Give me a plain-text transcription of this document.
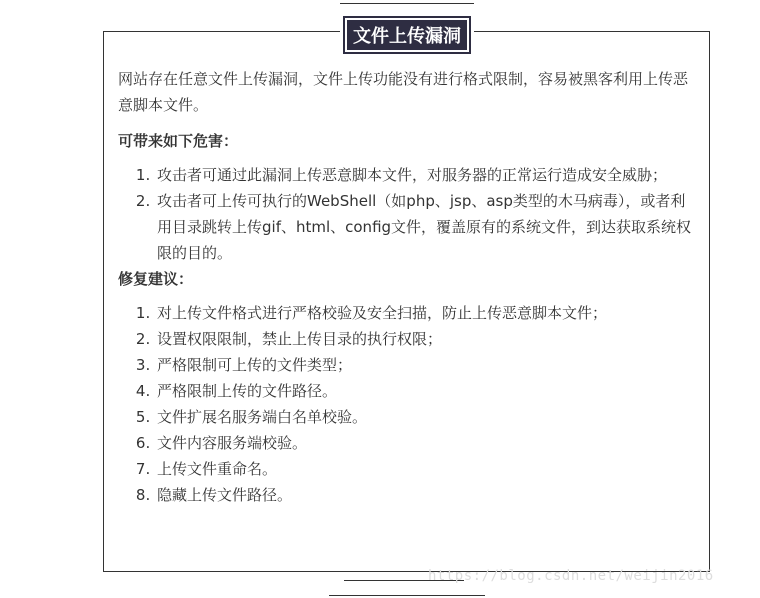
文件上传漏洞

网站存在任意文件上传漏洞，文件上传功能没有进行格式限制，容易被黑客利用上传恶意脚本文件。

可带来如下危害：

1. 攻击者可通过此漏洞上传恶意脚本文件，对服务器的正常运行造成安全威胁；
2. 攻击者可上传可执行的WebShell（如php、jsp、asp类型的木马病毒），或者利用目录跳转上传gif、html、config文件，覆盖原有的系统文件，到达获取系统权限的目的。

修复建议：

1. 对上传文件格式进行严格校验及安全扫描，防止上传恶意脚本文件；
2. 设置权限限制，禁止上传目录的执行权限；
3. 严格限制可上传的文件类型；
4. 严格限制上传的文件路径。
5. 文件扩展名服务端白名单校验。
6. 文件内容服务端校验。
7. 上传文件重命名。
8. 隐藏上传文件路径。
https://blog.csdn.net/weijin2016
